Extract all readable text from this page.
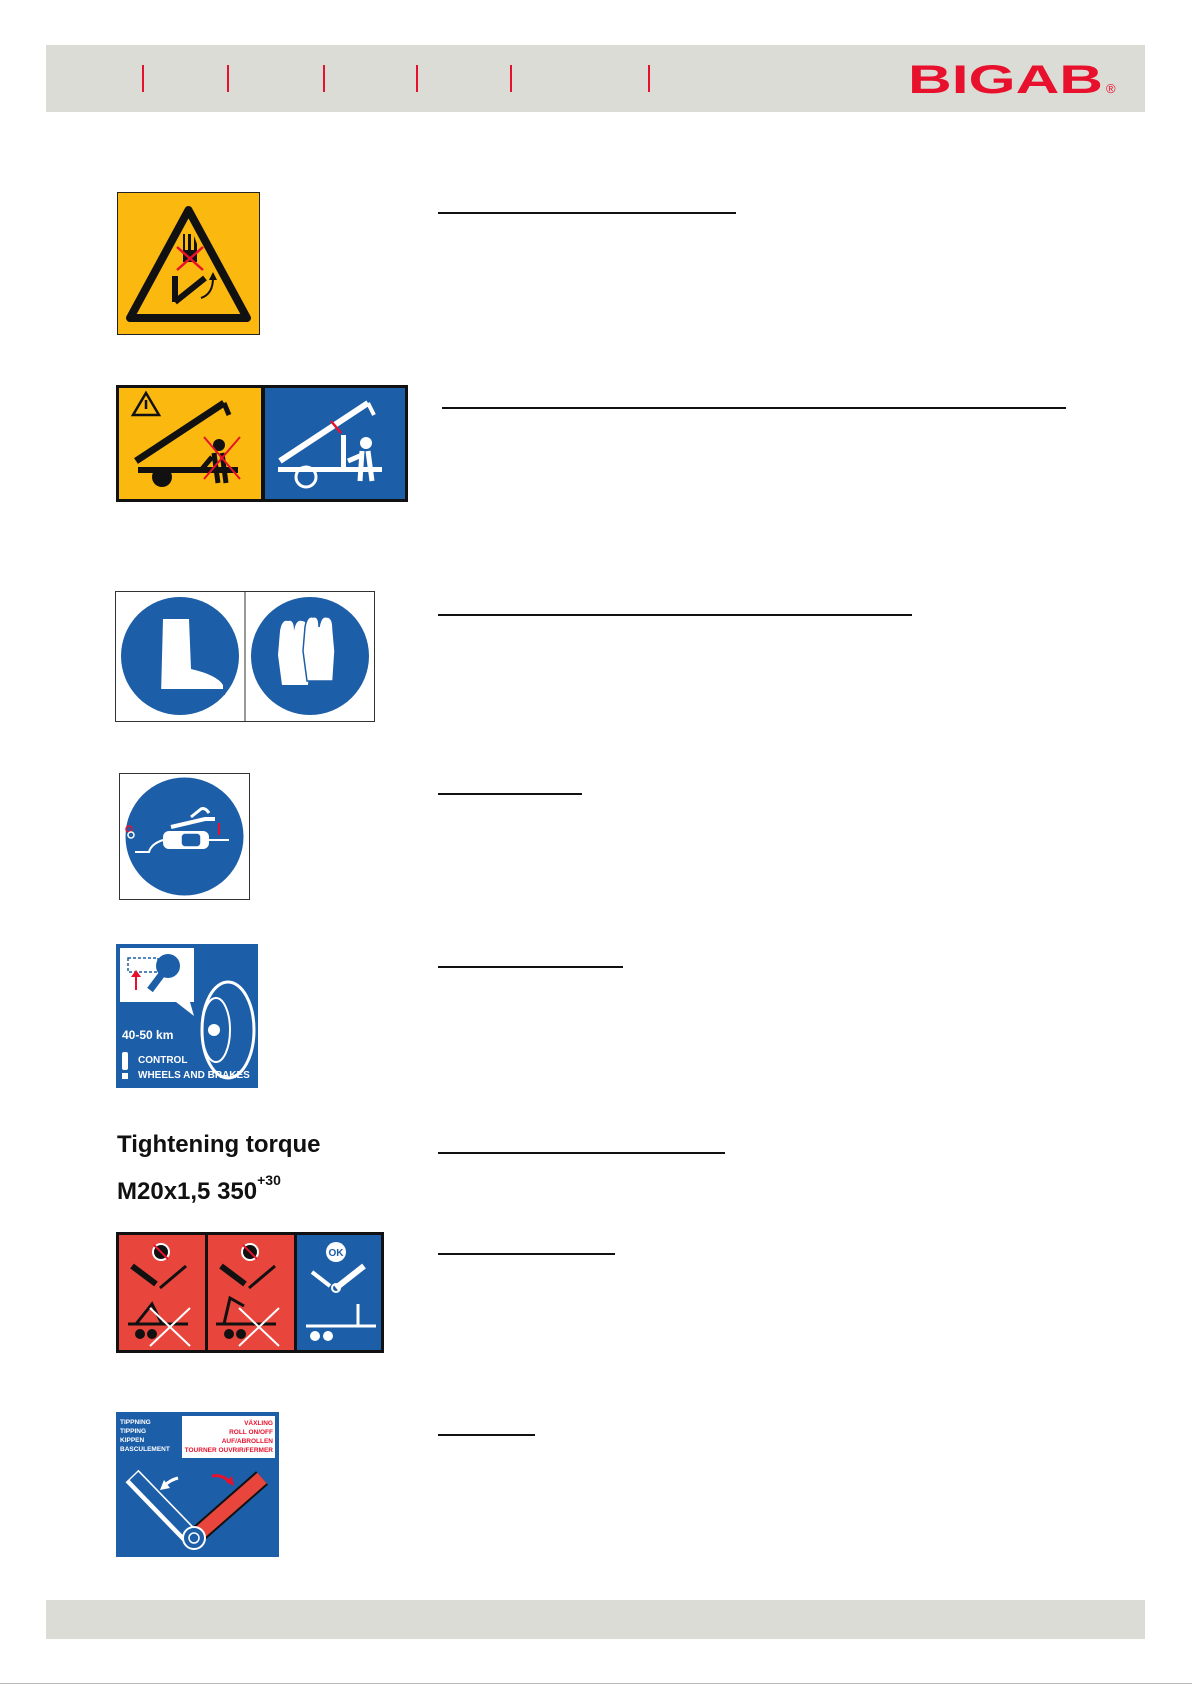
BIGAB ®
40-50 km
CONTROL
WHEELS AND BRAKES
Tightening torque
M20x1,5 $350^{+30}$
OK
TIPPNING
TIPPING
KIPPEN
BASCULEMENT
VÄXLING
ROLL ON/OFF
AUF/ABROLLEN
TOURNER OUVRIR/FERMER
